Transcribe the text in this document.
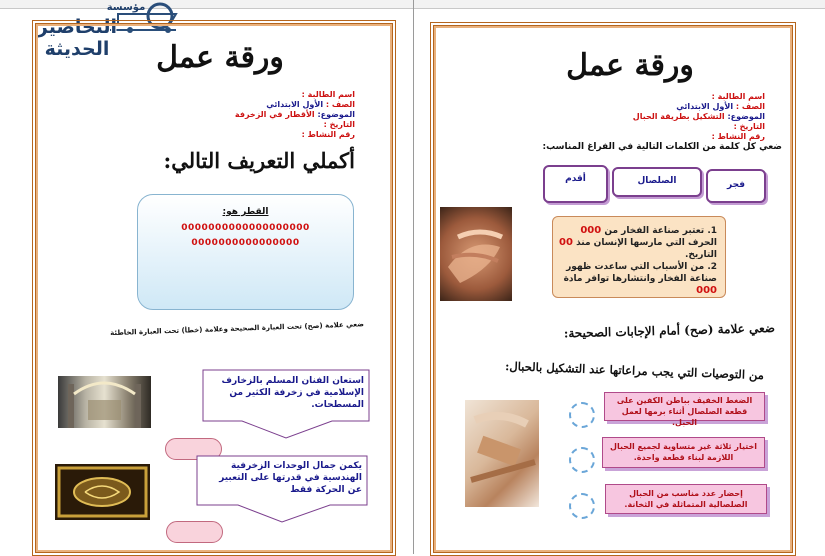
مؤسسة
التحاضير الحديثة	ورقة عمل
اسم الطالبة :
الصف : الأول الابتدائي
الموضوع: الأقطار في الزخرفة
التاريخ :
رقم النشاط :
أكملي التعريف التالي:
القطر هو:
0000000000000000000
0000000000000000
ضعي علامة (صح) تحت العبارة الصحيحة وعلامة (خطأ) تحت العبارة الخاطئة
استعان الفنان المسلم بالزخارف الإسلامية في زخرفة الكثير من المسطحات.
يكمن جمال الوحدات الزخرفية الهندسية في قدرتها على التعبير عن الحركة فقط
ورقة عمل
اسم الطالبة :
الصف : الأول الابتدائي
الموضوع: التشكيل بطريقة الحبال
التاريخ :
رقم النشاط :
ضعي كل كلمة من الكلمات التالية في الفراغ المناسب:
فجر
الصلصال
أقدم
1. تعتبر صناعة الفخار من 000 الحرف التي مارسها الإنسان منذ 00 التاريخ.
2. من الأسباب التي ساعدت ظهور صناعة الفخار وانتشارها توافر مادة 000
ضعي علامة (صح) أمام الإجابات الصحيحة:
من التوصيات التي يجب مراعاتها عند التشكيل بالحبال:
الضغط الخفيف بباطن الكفين على قطعة الصلصال أثناء برمها لعمل الحبل.
اختيار ثلاثة غير متساوية لجميع الحبال اللازمة لبناء قطعة واحدة.
إحضار عدد مناسب من الحبال الصلصالية المتماثلة في الثخانة.
